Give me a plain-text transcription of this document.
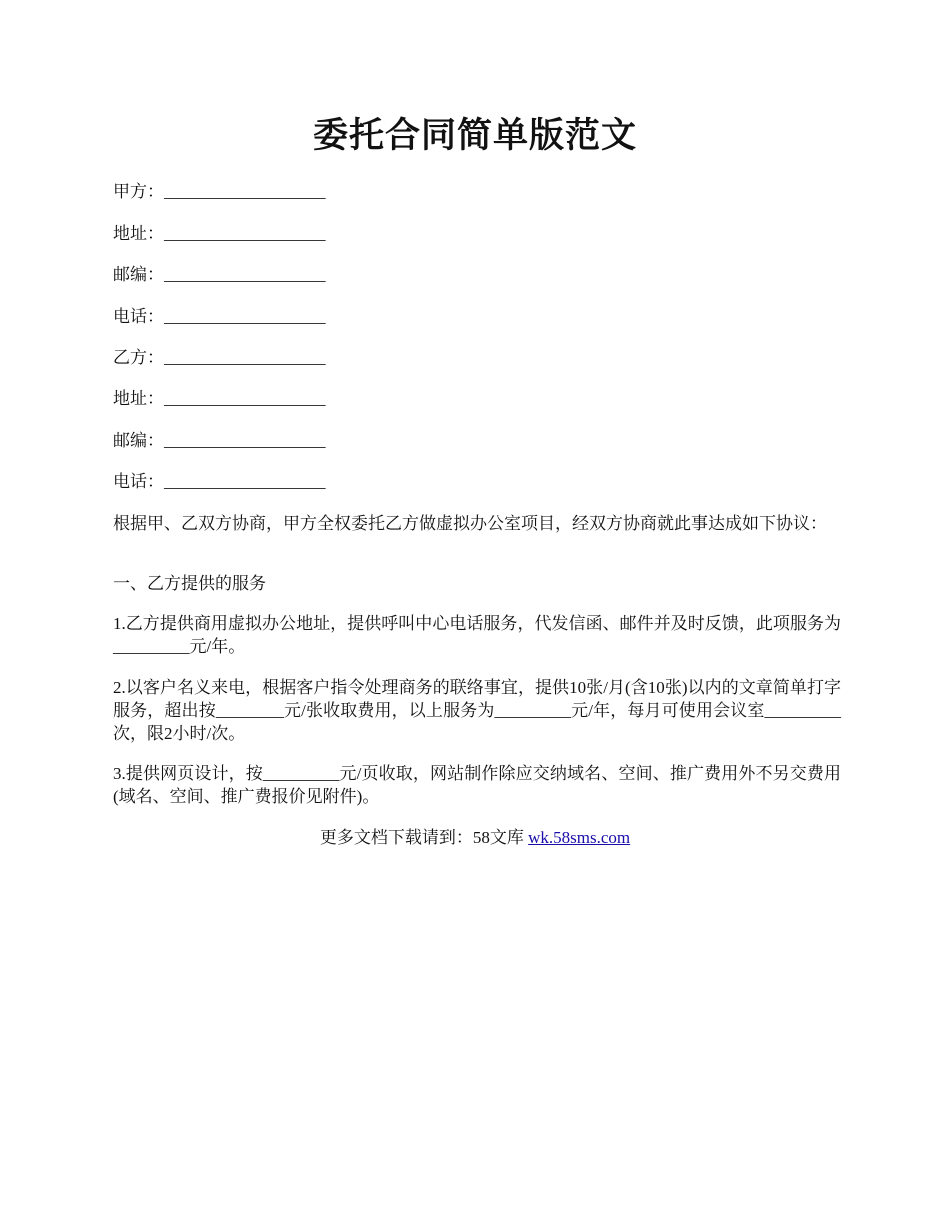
委托合同简单版范文
甲方：___________________
地址：___________________
邮编：___________________
电话：___________________
乙方：___________________
地址：___________________
邮编：___________________
电话：___________________
根据甲、乙双方协商，甲方全权委托乙方做虚拟办公室项目，经双方协商就此事达成如下协议：
一、乙方提供的服务
1.乙方提供商用虚拟办公地址，提供呼叫中心电话服务，代发信函、邮件并及时反馈，此项服务为_________元/年。
2.以客户名义来电，根据客户指令处理商务的联络事宜，提供10张/月(含10张)以内的文章简单打字服务，超出按________元/张收取费用，以上服务为_________元/年，每月可使用会议室_________次，限2小时/次。
3.提供网页设计，按_________元/页收取，网站制作除应交纳域名、空间、推广费用外不另交费用(域名、空间、推广费报价见附件)。
更多文档下载请到：58文库 wk.58sms.com
